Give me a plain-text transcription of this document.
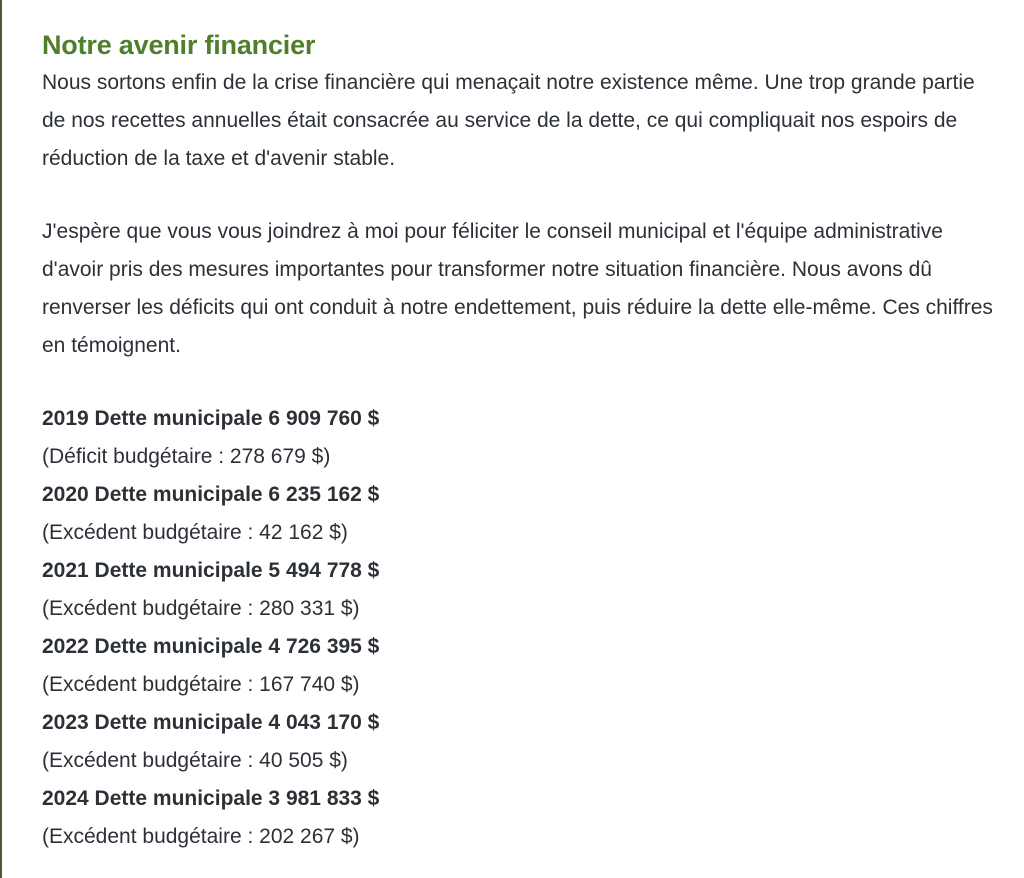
Notre avenir financier

Nous sortons enfin de la crise financière qui menaçait notre existence même. Une trop grande partie de nos recettes annuelles était consacrée au service de la dette, ce qui compliquait nos espoirs de réduction de la taxe et d'avenir stable.

J'espère que vous vous joindrez à moi pour féliciter le conseil municipal et l'équipe administrative d'avoir pris des mesures importantes pour transformer notre situation financière. Nous avons dû renverser les déficits qui ont conduit à notre endettement, puis réduire la dette elle-même. Ces chiffres en témoignent.

2019 Dette municipale 6 909 760 $
(Déficit budgétaire : 278 679 $)
2020 Dette municipale 6 235 162 $
(Excédent budgétaire : 42 162 $)
2021 Dette municipale 5 494 778 $
(Excédent budgétaire : 280 331 $)
2022 Dette municipale 4 726 395 $
(Excédent budgétaire : 167 740 $)
2023 Dette municipale 4 043 170 $
(Excédent budgétaire : 40 505 $)
2024 Dette municipale 3 981 833 $
(Excédent budgétaire : 202 267 $)
